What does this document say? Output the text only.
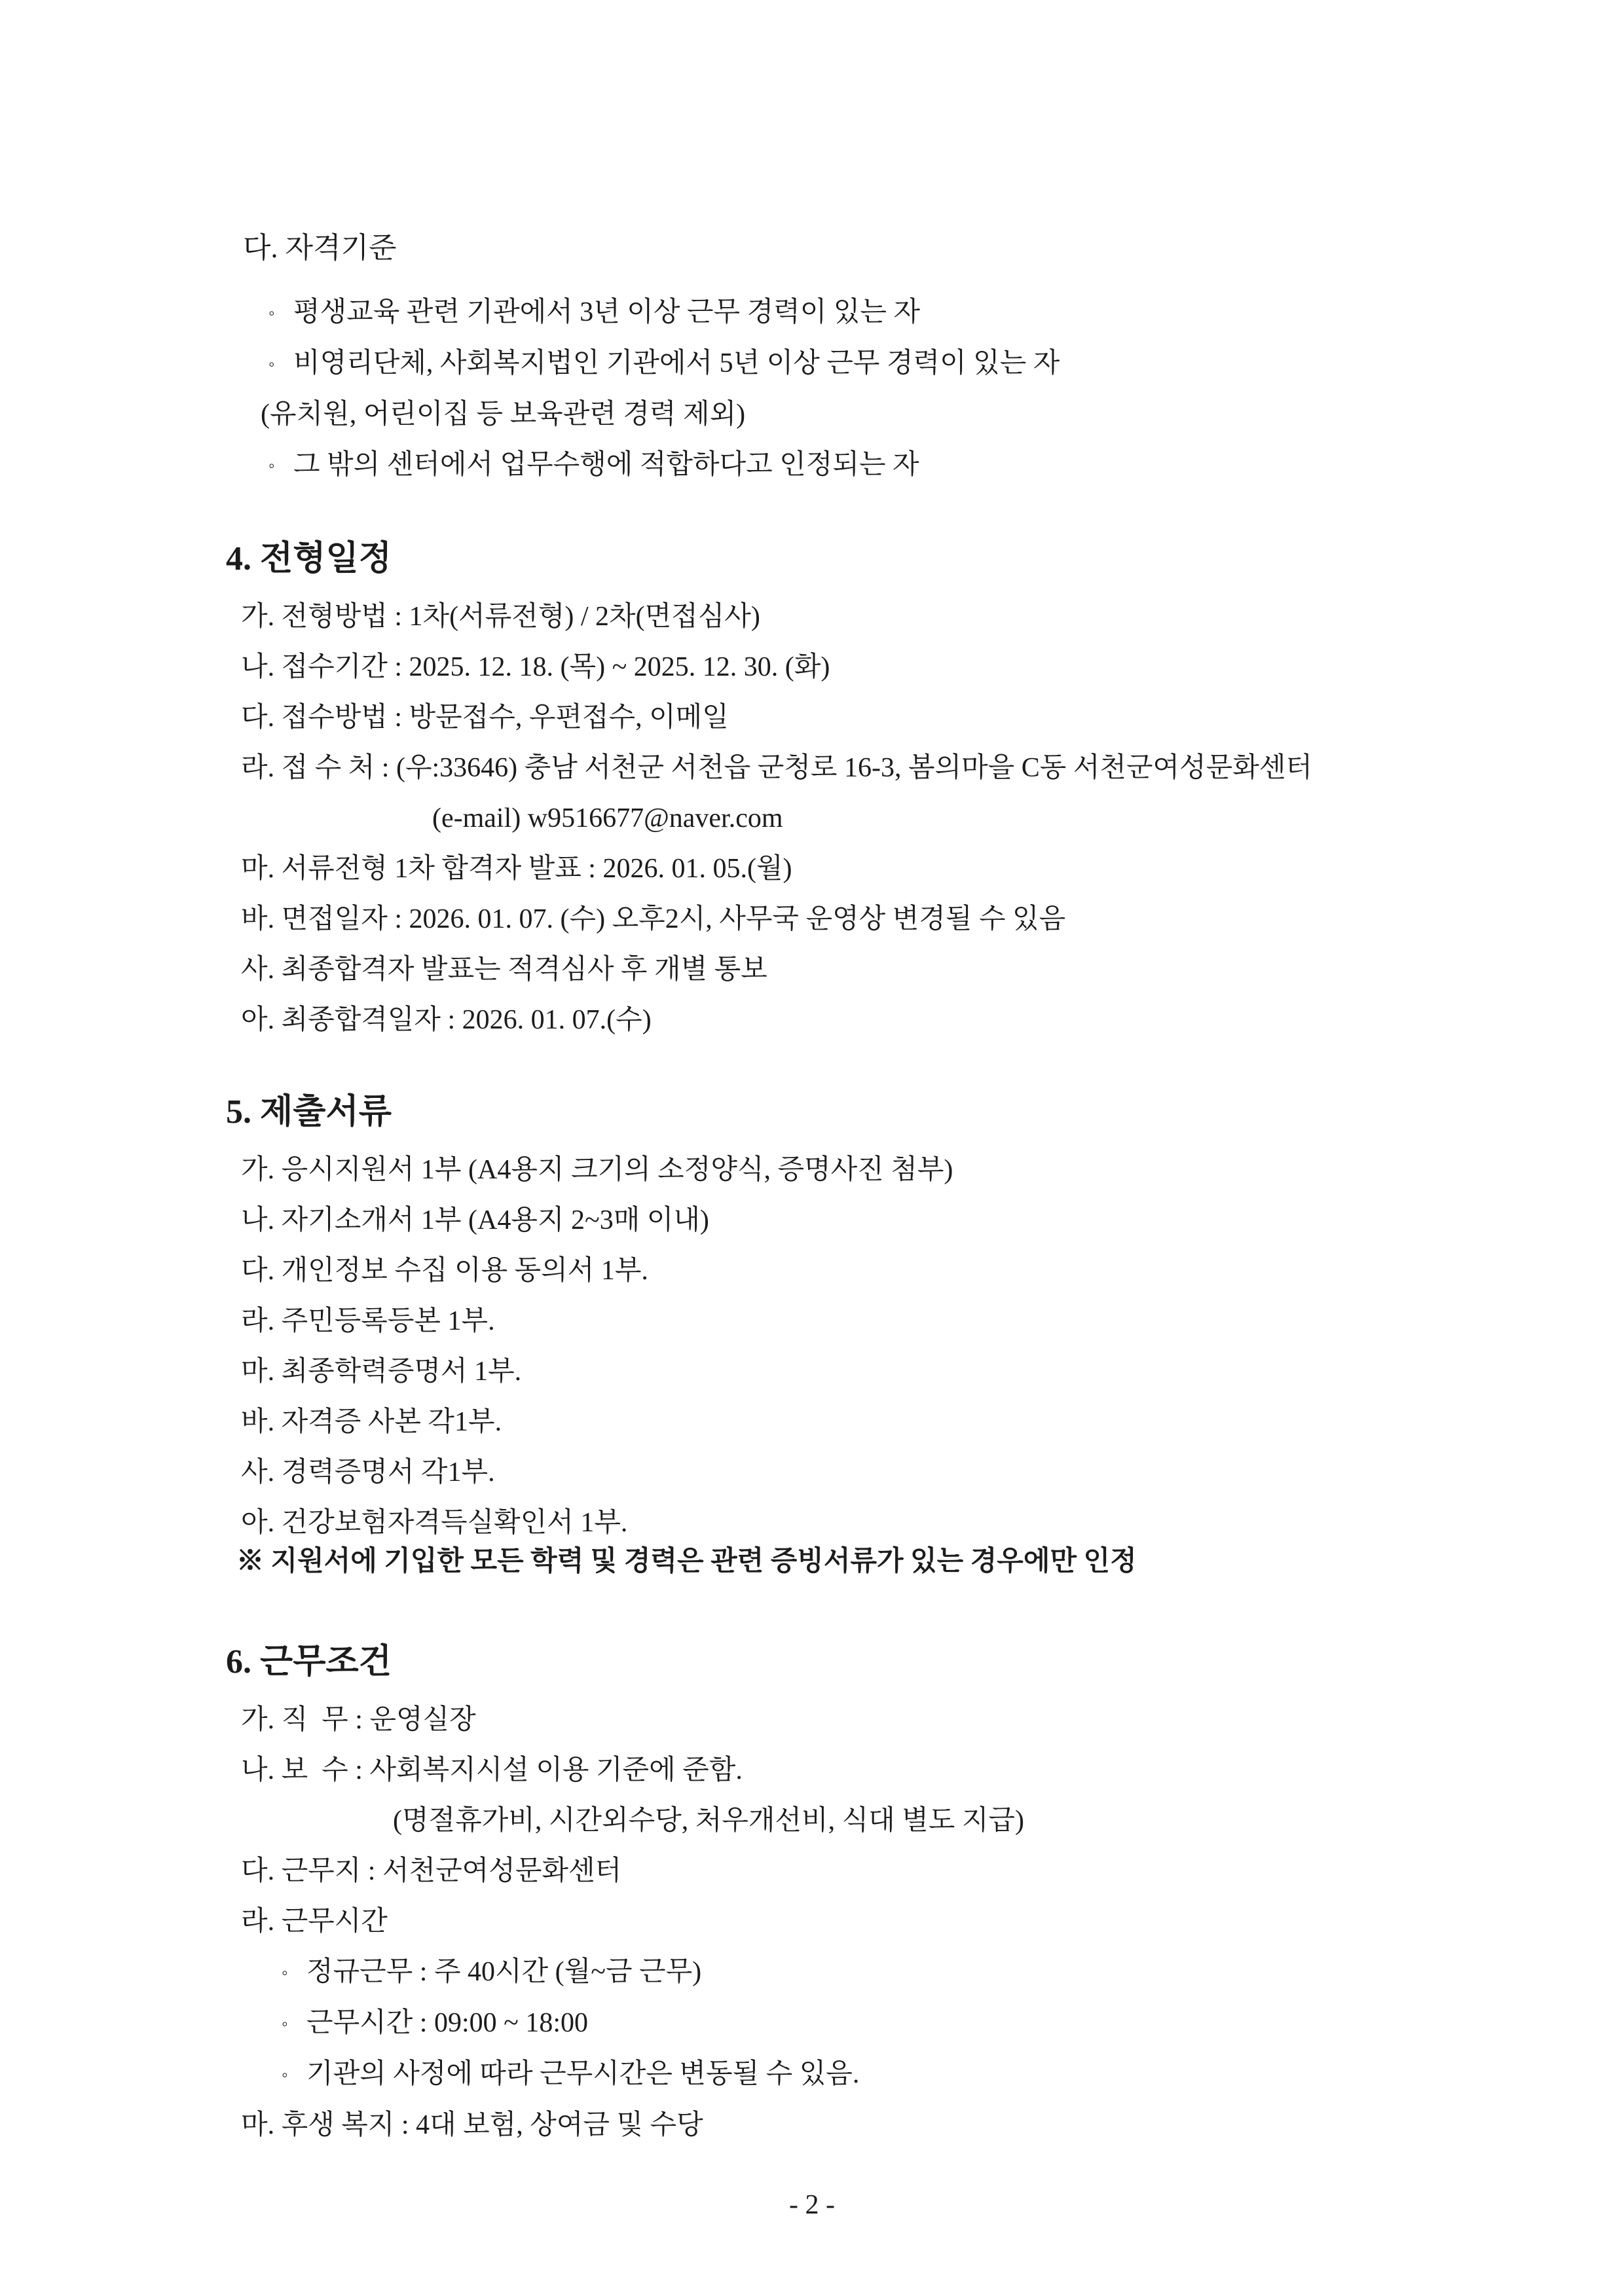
다. 자격기준
◦ 평생교육 관련 기관에서 3년 이상 근무 경력이 있는 자
◦ 비영리단체, 사회복지법인 기관에서 5년 이상 근무 경력이 있는 자
(유치원, 어린이집 등 보육관련 경력 제외)
◦ 그 밖의 센터에서 업무수행에 적합하다고 인정되는 자
4. 전형일정
가. 전형방법 : 1차(서류전형) / 2차(면접심사)
나. 접수기간 : 2025. 12. 18. (목) ~ 2025. 12. 30. (화)
다. 접수방법 : 방문접수, 우편접수, 이메일
라. 접 수 처 : (우:33646) 충남 서천군 서천읍 군청로 16-3, 봄의마을 C동 서천군여성문화센터
(e-mail) w9516677@naver.com
마. 서류전형 1차 합격자 발표 : 2026. 01. 05.(월)
바. 면접일자 : 2026. 01. 07. (수) 오후2시, 사무국 운영상 변경될 수 있음
사. 최종합격자 발표는 적격심사 후 개별 통보
아. 최종합격일자 : 2026. 01. 07.(수)
5. 제출서류
가. 응시지원서 1부 (A4용지 크기의 소정양식, 증명사진 첨부)
나. 자기소개서 1부 (A4용지 2~3매 이내)
다. 개인정보 수집 이용 동의서 1부.
라. 주민등록등본 1부.
마. 최종학력증명서 1부.
바. 자격증 사본 각1부.
사. 경력증명서 각1부.
아. 건강보험자격득실확인서 1부.
※ 지원서에 기입한 모든 학력 및 경력은 관련 증빙서류가 있는 경우에만 인정
6. 근무조건
가. 직  무 : 운영실장
나. 보  수 : 사회복지시설 이용 기준에 준함.
(명절휴가비, 시간외수당, 처우개선비, 식대 별도 지급)
다. 근무지 : 서천군여성문화센터
라. 근무시간
◦ 정규근무 : 주 40시간 (월~금 근무)
◦ 근무시간 : 09:00 ~ 18:00
◦ 기관의 사정에 따라 근무시간은 변동될 수 있음.
마. 후생 복지 : 4대 보험, 상여금 및 수당
- 2 -
